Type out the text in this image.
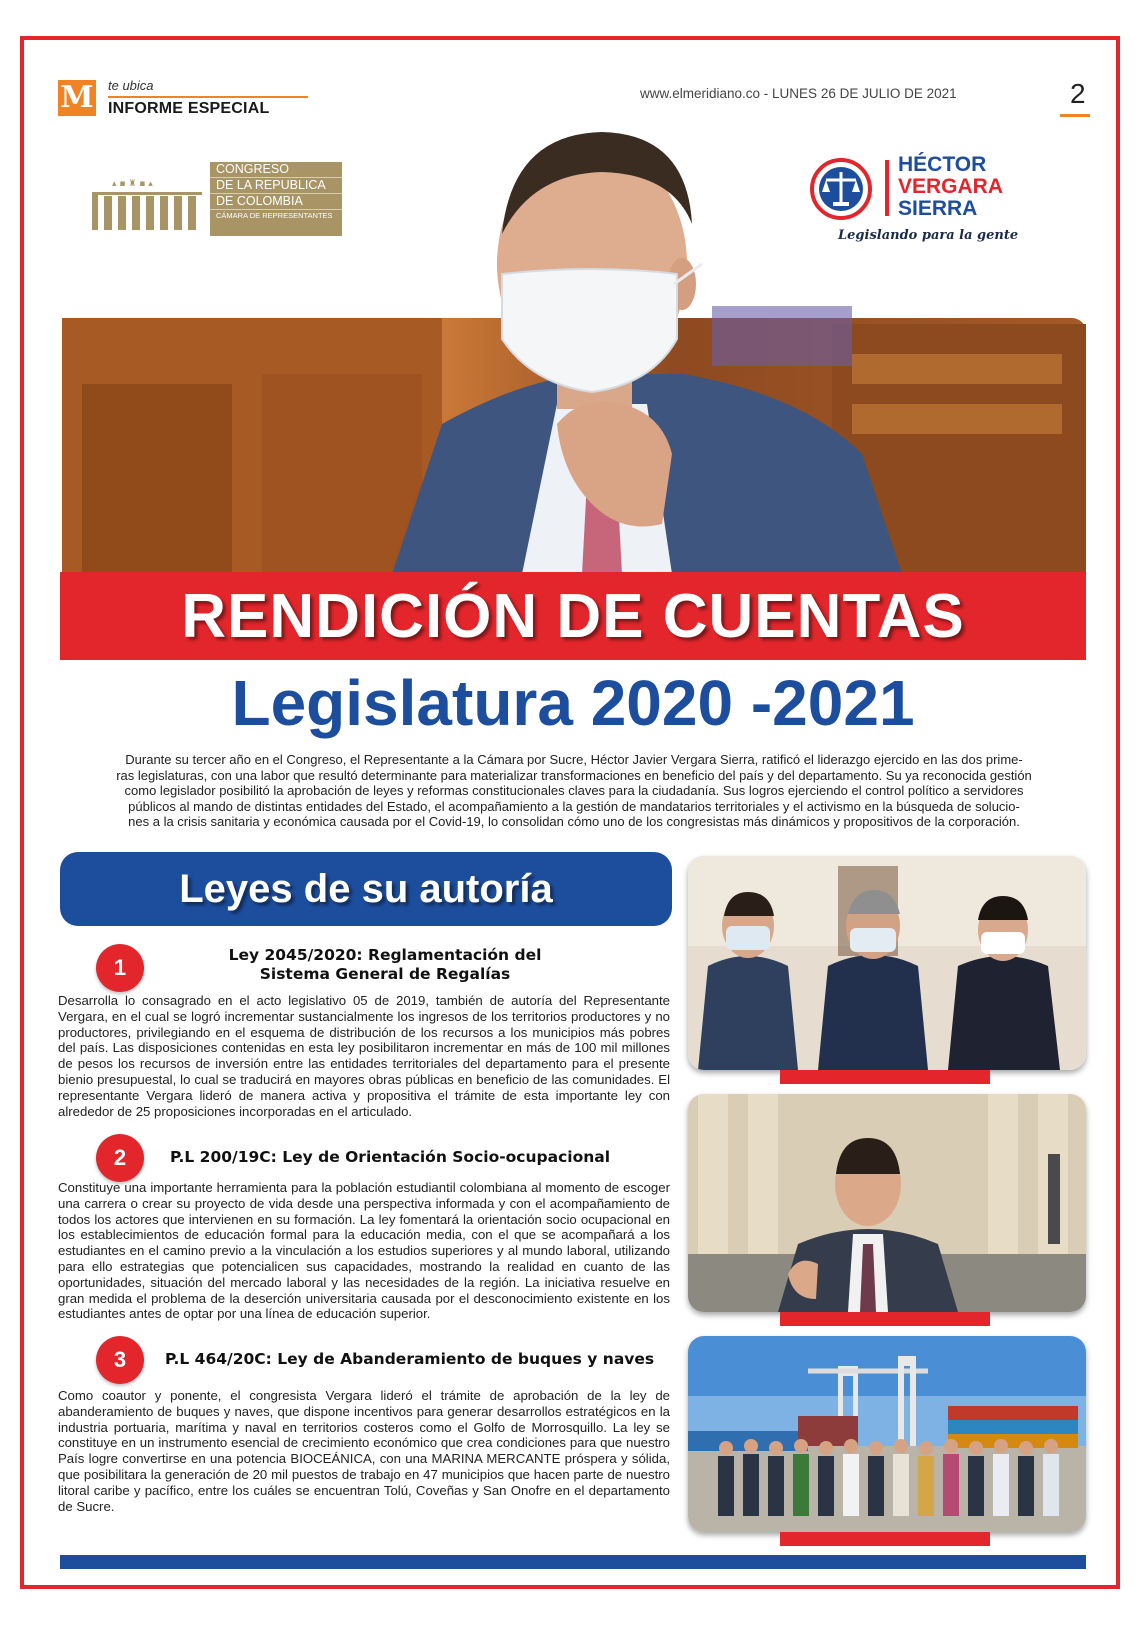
M te ubica
INFORME ESPECIAL
www.elmeridiano.co - LUNES 26 DE JULIO DE 2021	2
▴ ▪ ♜ ▪ ▴
CONGRESO
DE LA REPUBLICA
DE COLOMBIA
CÁMARA DE REPRESENTANTES
HÉCTOR
VERGARA
SIERRA
Legislando para la gente
RENDICIÓN DE CUENTAS
Legislatura 2020 -2021
Durante su tercer año en el Congreso, el Representante a la Cámara por Sucre, Héctor Javier Vergara Sierra, ratificó el liderazgo ejercido en las dos prime-
ras legislaturas, con una labor que resultó determinante para materializar transformaciones en beneficio del país y del departamento. Su ya reconocida gestión
como legislador posibilitó la aprobación de leyes y reformas constitucionales claves para la ciudadanía. Sus logros ejerciendo el control político a servidores
públicos al mando de distintas entidades del Estado, el acompañamiento a la gestión de mandatarios territoriales y el activismo en la búsqueda de solucio-
nes a la crisis sanitaria y económica causada por el Covid-19, lo consolidan cómo uno de los congresistas más dinámicos y propositivos de la corporación.
Leyes de su autoría
1	Ley 2045/2020: Reglamentación del
Sistema General de Regalías
Desarrolla lo consagrado en el acto legislativo 05 de 2019, también de autoría del Representante Vergara, en el cual se logró incrementar sustancialmente los ingresos de los territorios productores y no productores, privilegiando en el esquema de distribución de los recursos a los municipios más pobres del país. Las disposiciones contenidas en esta ley posibilitaron incrementar en más de 100 mil millones de pesos los recursos de inversión entre las entidades territoriales del departamento para el presente bienio presupuestal, lo cual se traducirá en mayores obras públicas en beneficio de las comunidades. El representante Vergara lideró de manera activa y propositiva el trámite de esta importante ley con alrededor de 25 proposiciones incorporadas en el articulado.
2	P.L 200/19C: Ley de Orientación Socio-ocupacional
Constituye una importante herramienta para la población estudiantil colombiana al momento de escoger una carrera o crear su proyecto de vida desde una perspectiva informada y con el acompañamiento de todos los actores que intervienen en su formación. La ley fomentará la orientación socio ocupacional en los establecimientos de educación formal para la educación media, con el que se acompañará a los estudiantes en el camino previo a la vinculación a los estudios superiores y al mundo laboral, utilizando para ello estrategias que potencialicen sus capacidades, mostrando la realidad en cuanto de las oportunidades, situación del mercado laboral y las necesidades de la región. La iniciativa resuelve en gran medida el problema de la deserción universitaria causada por el desconocimiento existente en los estudiantes antes de optar por una línea de educación superior.
3	P.L 464/20C: Ley de Abanderamiento de buques y naves
Como coautor y ponente, el congresista Vergara lideró el trámite de aprobación de la ley de abanderamiento de buques y naves, que dispone incentivos para generar desarrollos estratégicos en la industria portuaria, marítima y naval en territorios costeros como el Golfo de Morrosquillo. La ley se constituye en un instrumento esencial de crecimiento económico que crea condiciones para que nuestro País logre convertirse en una potencia BIOCEÁNICA, con una MARINA MERCANTE próspera y sólida, que posibilitara la generación de 20 mil puestos de trabajo en 47 municipios que hacen parte de nuestro litoral caribe y pacífico, entre los cuáles se encuentran Tolú, Coveñas y San Onofre en el departamento de Sucre.
